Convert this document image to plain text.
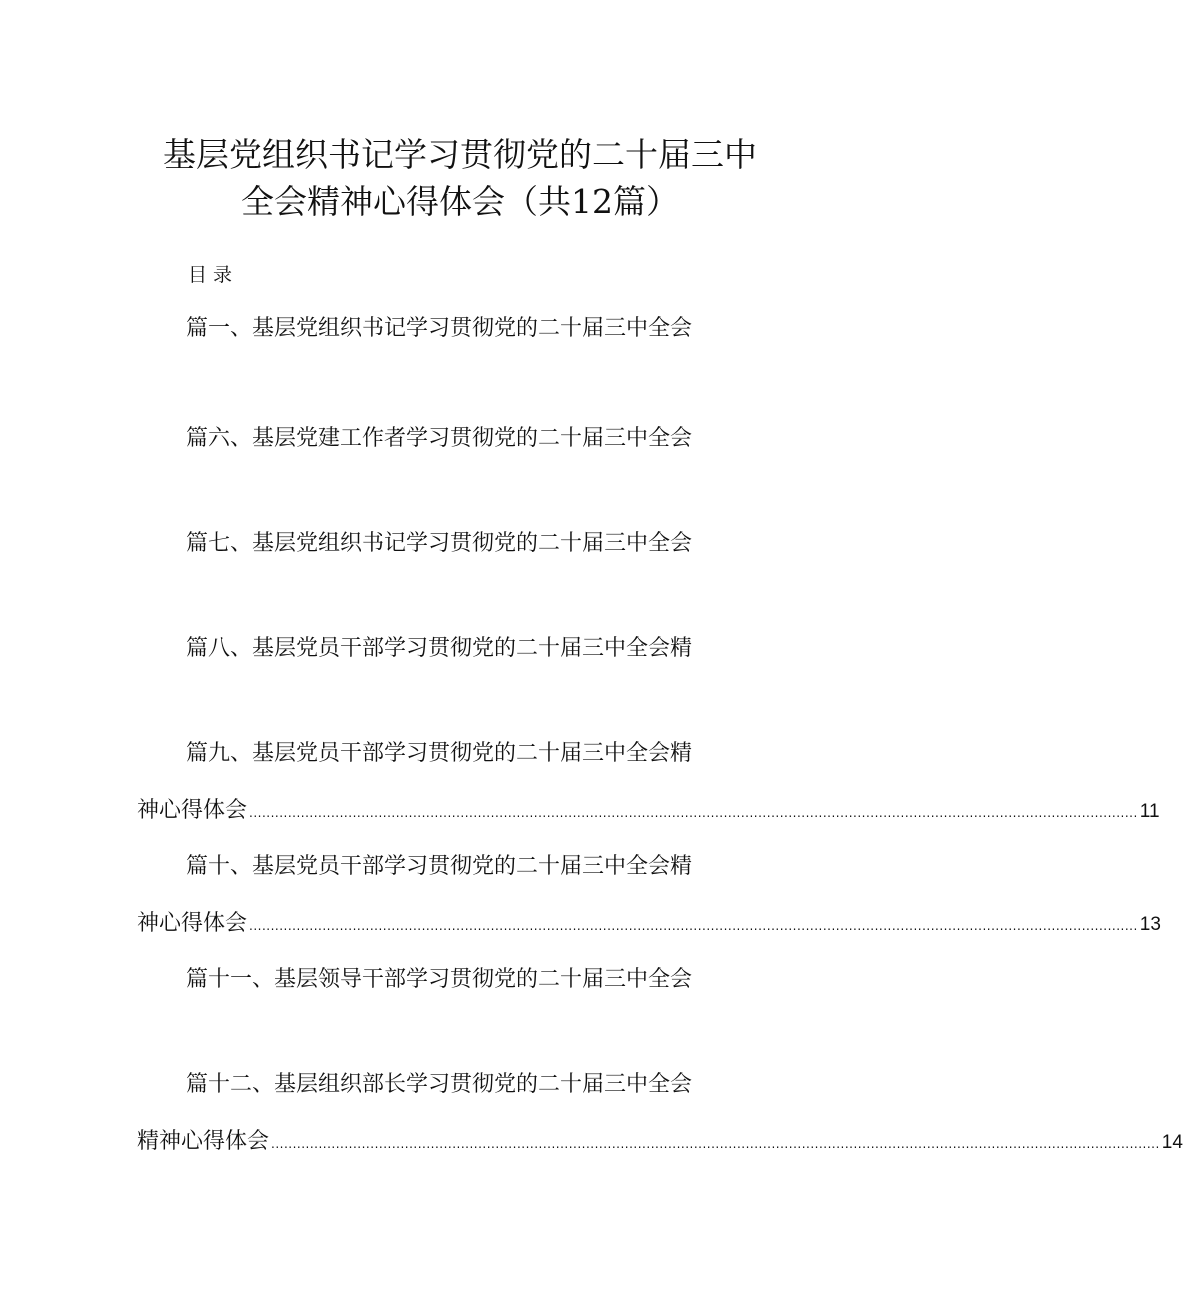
基层党组织书记学习贯彻党的二十届三中
全会精神心得体会（共12篇）
目录
篇一、基层党组织书记学习贯彻党的二十届三中全会
篇六、基层党建工作者学习贯彻党的二十届三中全会
篇七、基层党组织书记学习贯彻党的二十届三中全会
篇八、基层党员干部学习贯彻党的二十届三中全会精
篇九、基层党员干部学习贯彻党的二十届三中全会精
神心得体会 .............................................................................................................................................................................................................. 11
篇十、基层党员干部学习贯彻党的二十届三中全会精
神心得体会 .............................................................................................................................................................................................................. 13
篇十一、基层领导干部学习贯彻党的二十届三中全会
篇十二、基层组织部长学习贯彻党的二十届三中全会
精神心得体会 .............................................................................................................................................................................................................. 14
